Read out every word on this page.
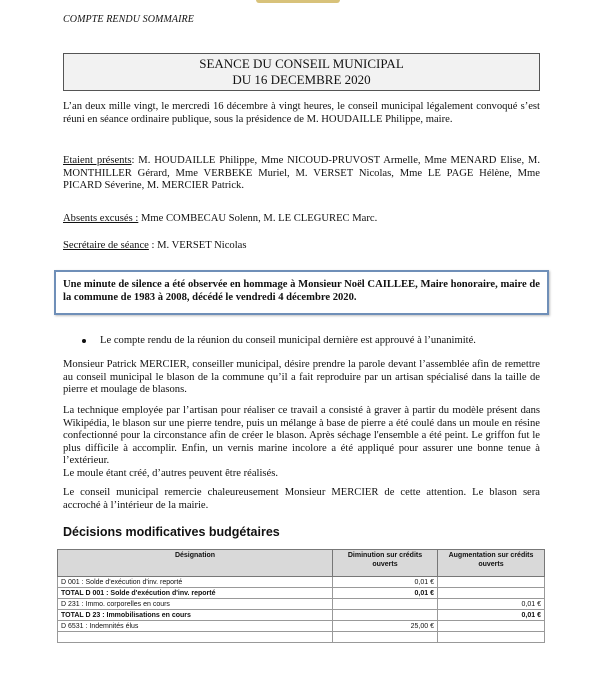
COMPTE RENDU SOMMAIRE
SEANCE DU CONSEIL MUNICIPAL
DU 16 DECEMBRE 2020
L’an deux mille vingt, le mercredi 16 décembre à vingt heures, le conseil municipal légalement convoqué s’est réuni en séance ordinaire publique, sous la présidence de M. HOUDAILLE Philippe, maire.
Etaient présents: M. HOUDAILLE Philippe, Mme NICOUD-PRUVOST Armelle, Mme MENARD Elise, M. MONTHILLER Gérard, Mme VERBEKE Muriel, M. VERSET Nicolas, Mme LE PAGE Hélène, Mme PICARD Séverine, M. MERCIER Patrick.
Absents excusés : Mme COMBECAU Solenn, M. LE CLEGUREC Marc.
Secrétaire de séance : M. VERSET Nicolas
Une minute de silence a été observée en hommage à Monsieur Noël CAILLEE, Maire honoraire, maire de la commune de 1983 à 2008, décédé le vendredi 4 décembre 2020.
Le compte rendu de la réunion du conseil municipal dernière est approuvé à l’unanimité.
Monsieur Patrick MERCIER, conseiller municipal, désire prendre la parole devant l’assemblée afin de remettre au conseil municipal le blason de la commune qu’il a fait reproduire par un artisan spécialisé dans la taille de pierre et moulage de blasons.
La technique employée par l’artisan pour réaliser ce travail a consisté à graver à partir du modèle présent dans Wikipédia, le blason sur une pierre tendre, puis un mélange à base de pierre a été coulé dans un moule en résine confectionné pour la circonstance afin de créer le blason. Après séchage l'ensemble a été peint. Le griffon fut le plus difficile à accomplir. Enfin, un vernis marine incolore a été appliqué pour assurer une bonne tenue à l’extérieur.
Le moule étant créé, d’autres peuvent être réalisés.
Le conseil municipal remercie chaleureusement Monsieur MERCIER de cette attention. Le blason sera accroché à l’intérieur de la mairie.
Décisions modificatives budgétaires
Désignation	Diminution sur crédits ouverts	Augmentation sur crédits ouverts
D 001 : Solde d'exécution d'inv. reporté	0,01 €	
TOTAL D 001 : Solde d'exécution d'inv. reporté	0,01 €	
D 231 : Immo. corporelles en cours		0,01 €
TOTAL D 23 : Immobilisations en cours		0,01 €
D 6531 : Indemnités élus	25,00 €	
